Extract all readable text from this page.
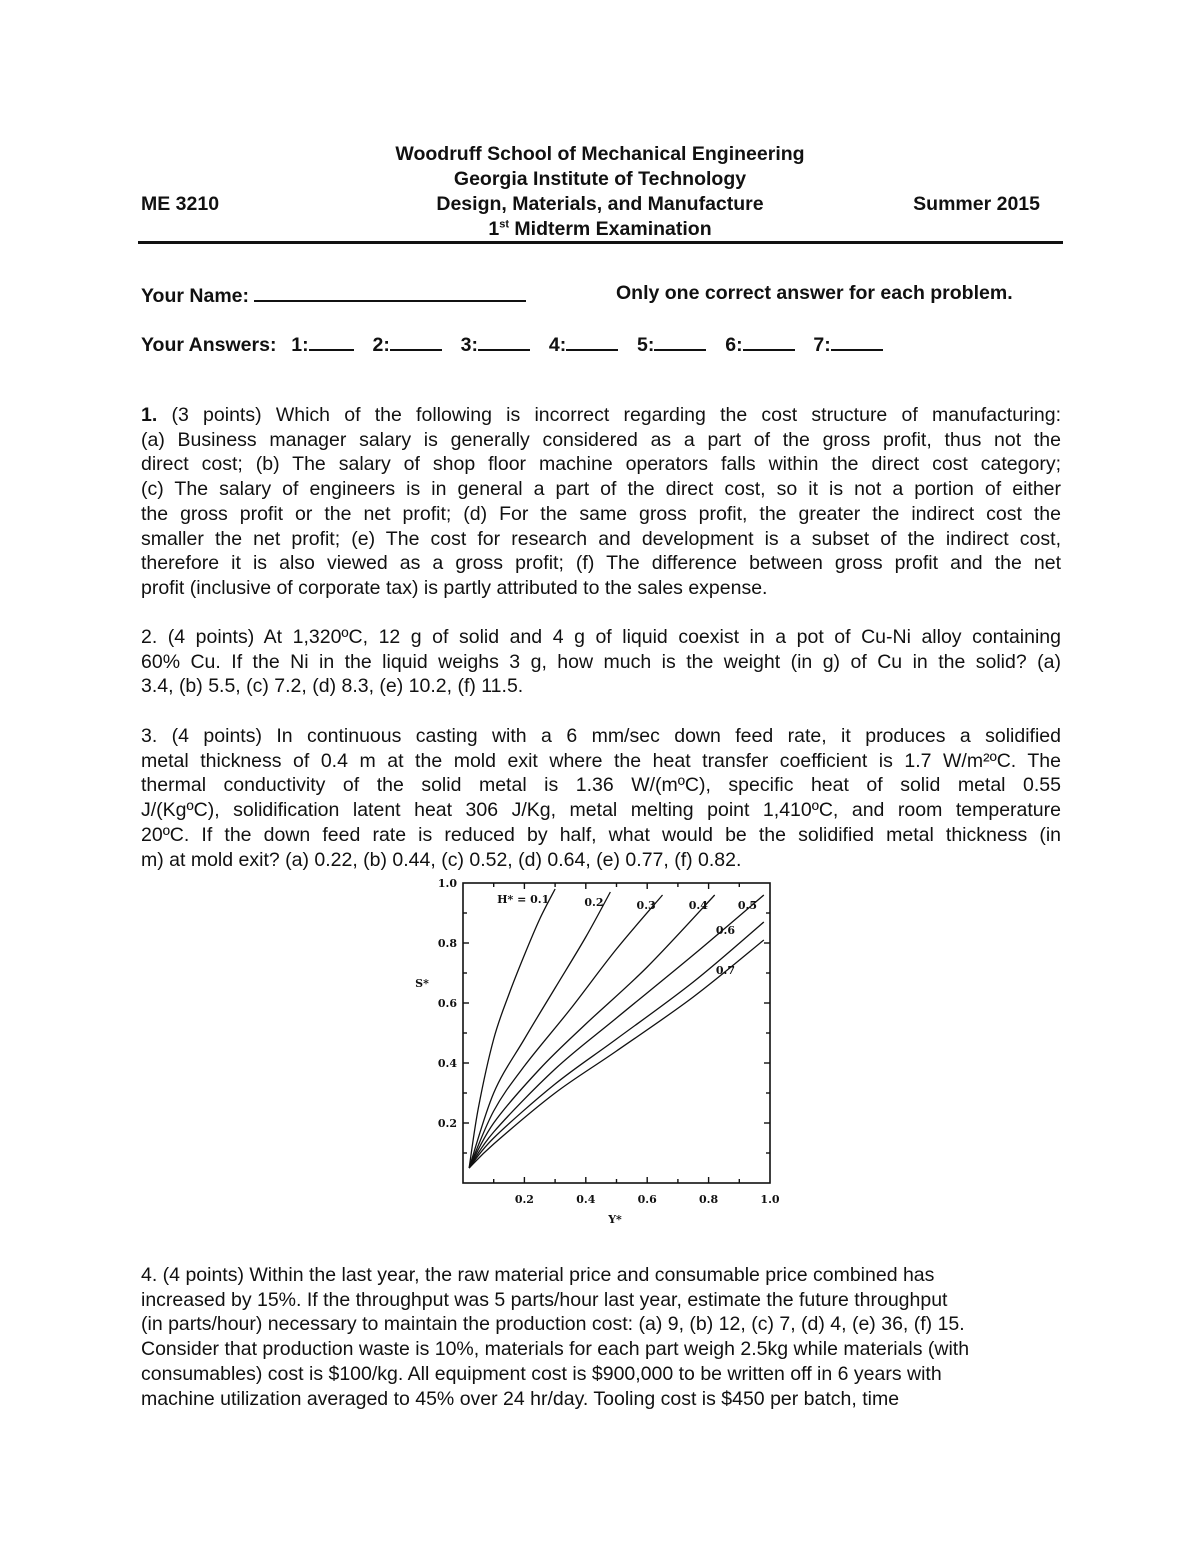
Woodruff School of Mechanical Engineering
Georgia Institute of Technology
ME 3210	Design, Materials, and Manufacture	Summer 2015
1st Midterm Examination
Your Name:	Only one correct answer for each problem.
Your Answers: 1:	2:	3:	4:	5:	6:	7:
1. (3 points) Which of the following is incorrect regarding the cost structure of manufacturing:
(a) Business manager salary is generally considered as a part of the gross profit, thus not the
direct cost; (b) The salary of shop floor machine operators falls within the direct cost category;
(c) The salary of engineers is in general a part of the direct cost, so it is not a portion of either
the gross profit or the net profit; (d) For the same gross profit, the greater the indirect cost the
smaller the net profit; (e) The cost for research and development is a subset of the indirect cost,
therefore it is also viewed as a gross profit; (f) The difference between gross profit and the net
profit (inclusive of corporate tax) is partly attributed to the sales expense.
2. (4 points) At 1,320ºC, 12 g of solid and 4 g of liquid coexist in a pot of Cu-Ni alloy containing
60% Cu. If the Ni in the liquid weighs 3 g, how much is the weight (in g) of Cu in the solid? (a)
3.4, (b) 5.5, (c) 7.2, (d) 8.3, (e) 10.2, (f) 11.5.
3. (4 points) In continuous casting with a 6 mm/sec down feed rate, it produces a solidified
metal thickness of 0.4 m at the mold exit where the heat transfer coefficient is 1.7 W/m²ºC. The
thermal conductivity of the solid metal is 1.36 W/(mºC), specific heat of solid metal 0.55
J/(KgºC), solidification latent heat 306 J/Kg, metal melting point 1,410ºC, and room temperature
20ºC. If the down feed rate is reduced by half, what would be the solidified metal thickness (in
m) at mold exit? (a) 0.22, (b) 0.44, (c) 0.52, (d) 0.64, (e) 0.77, (f) 0.82.
H* = 0.1	0.2	0.3	0.4	0.5
0.6
0.7
0.2	0.4	0.6	0.8	1.0
0.2
0.4
0.6
0.8
1.0
Y*
S*
4. (4 points) Within the last year, the raw material price and consumable price combined has
increased by 15%. If the throughput was 5 parts/hour last year, estimate the future throughput
(in parts/hour) necessary to maintain the production cost: (a) 9, (b) 12, (c) 7, (d) 4, (e) 36, (f) 15.
Consider that production waste is 10%, materials for each part weigh 2.5kg while materials (with
consumables) cost is $100/kg. All equipment cost is $900,000 to be written off in 6 years with
machine utilization averaged to 45% over 24 hr/day. Tooling cost is $450 per batch, time
